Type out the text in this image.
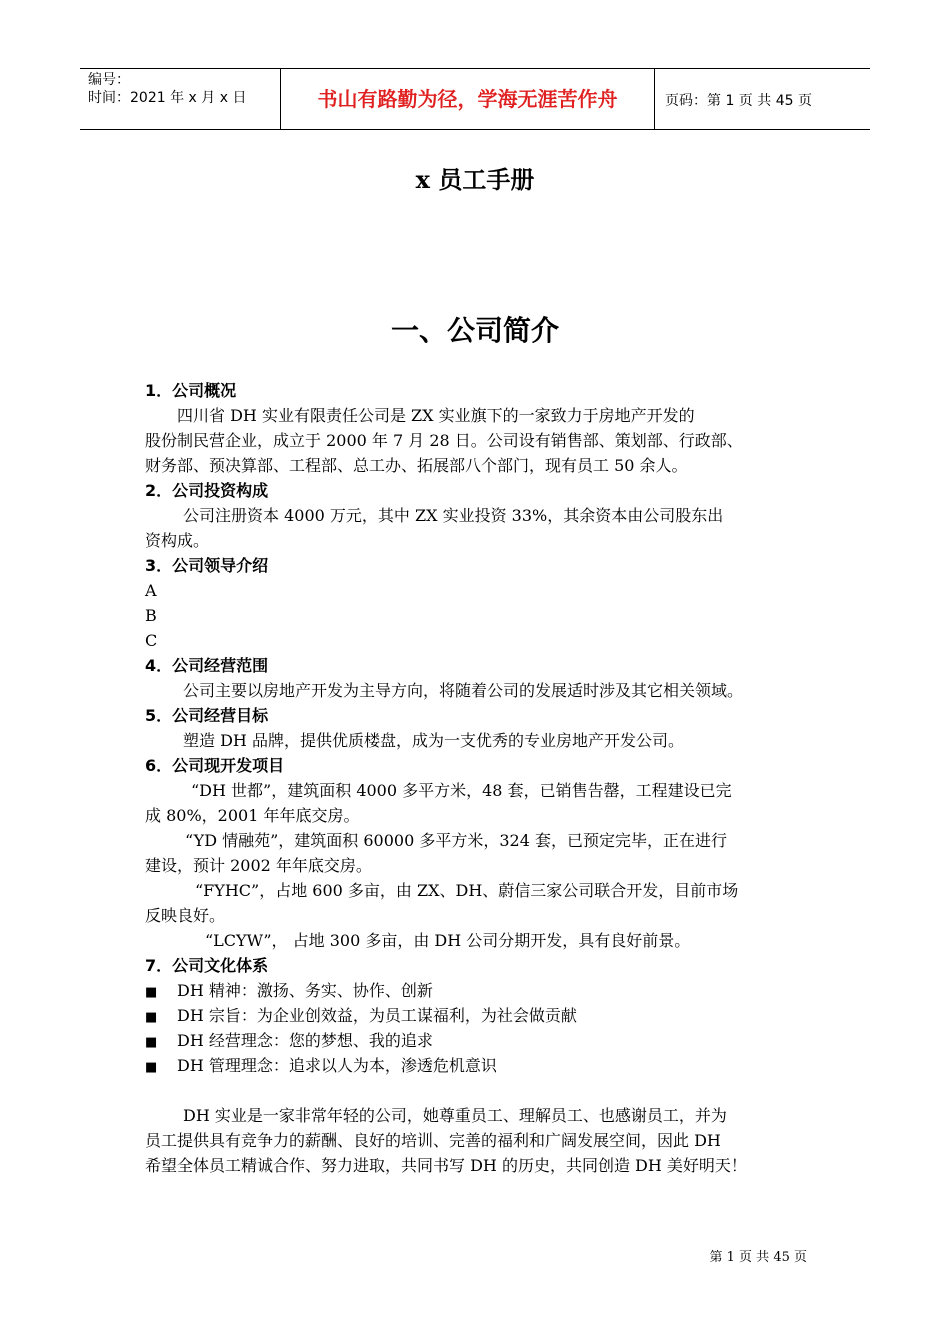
编号：
时间：2021 年 x 月 x 日	书山有路勤为径，学海无涯苦作舟	页码：第 1 页 共 45 页
x 员工手册
一、公司简介
1．公司概况
四川省 DH 实业有限责任公司是 ZX 实业旗下的一家致力于房地产开发的
股份制民营企业，成立于 2000 年 7 月 28 日。公司设有销售部、策划部、行政部、
财务部、预决算部、工程部、总工办、拓展部八个部门，现有员工 50 余人。
2．公司投资构成
公司注册资本 4000 万元，其中 ZX 实业投资 33%，其余资本由公司股东出
资构成。
3．公司领导介绍
A
B
C
4．公司经营范围
公司主要以房地产开发为主导方向，将随着公司的发展适时涉及其它相关领域。
5．公司经营目标
塑造 DH 品牌，提供优质楼盘，成为一支优秀的专业房地产开发公司。
6．公司现开发项目
“DH 世都”，建筑面积 4000 多平方米，48 套，已销售告罄，工程建设已完
成 80%，2001 年年底交房。
“YD 情融苑”，建筑面积 60000 多平方米，324 套，已预定完毕，正在进行
建设，预计 2002 年年底交房。
“FYHC”，占地 600 多亩，由 ZX、DH、蔚信三家公司联合开发，目前市场
反映良好。
“LCYW”， 占地 300 多亩，由 DH 公司分期开发，具有良好前景。
7．公司文化体系
■ DH 精神：激扬、务实、协作、创新
■ DH 宗旨：为企业创效益，为员工谋福利，为社会做贡献
■ DH 经营理念：您的梦想、我的追求
■ DH 管理理念：追求以人为本，渗透危机意识
DH 实业是一家非常年轻的公司，她尊重员工、理解员工、也感谢员工，并为
员工提供具有竞争力的薪酬、良好的培训、完善的福利和广阔发展空间，因此 DH
希望全体员工精诚合作、努力进取，共同书写 DH 的历史，共同创造 DH 美好明天！
第 1 页 共 45 页
